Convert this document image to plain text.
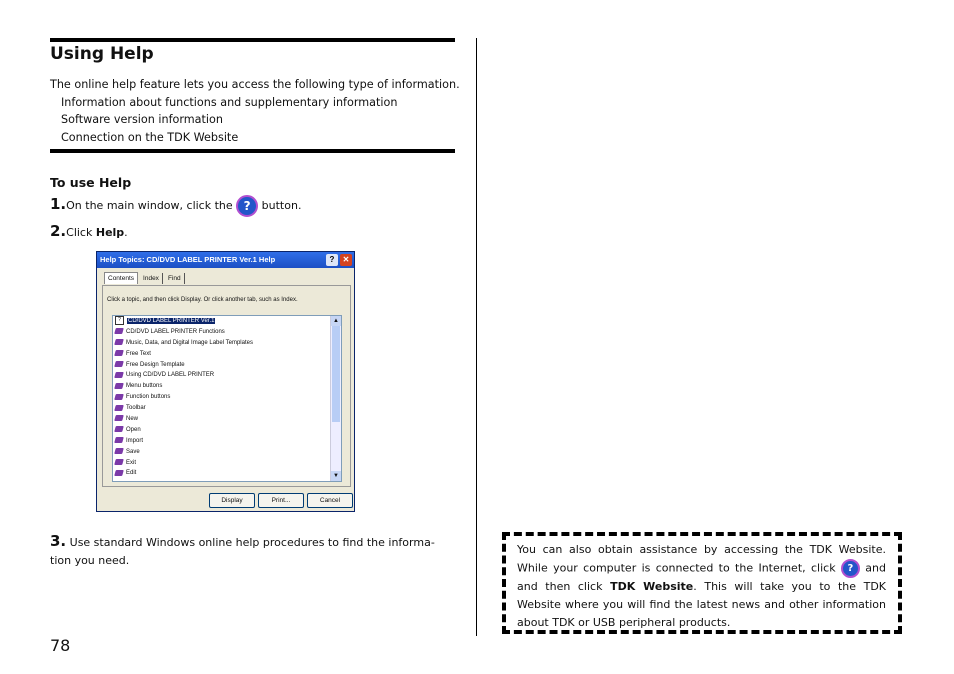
Using Help
The online help feature lets you access the following type of information.
Information about functions and supplementary information
Software version information
Connection on the TDK Website
To use Help
1.On the main window, click the ? button.
2.Click Help.
Help Topics: CD/DVD LABEL PRINTER Ver.1 Help	?	✕
Contents Index Find
Click a topic, and then click Display. Or click another tab, such as Index.
? CD/DVD LABEL PRINTER Ver.1
CD/DVD LABEL PRINTER Functions
Music, Data, and Digital Image Label Templates
Free Text
Free Design Template
Using CD/DVD LABEL PRINTER
Menu buttons
Function buttons
Toolbar
New
Open
Import
Save
Exit
Edit
▲
▼
Display	Print...	Cancel
3. Use standard Windows online help procedures to find the informa-tion you need.
You can also obtain assistance by accessing the TDK Website. While your computer is connected to the Internet, click ? and and then click TDK Website. This will take you to the TDK Website where you will find the latest news and other information about TDK or USB peripheral products.
78
